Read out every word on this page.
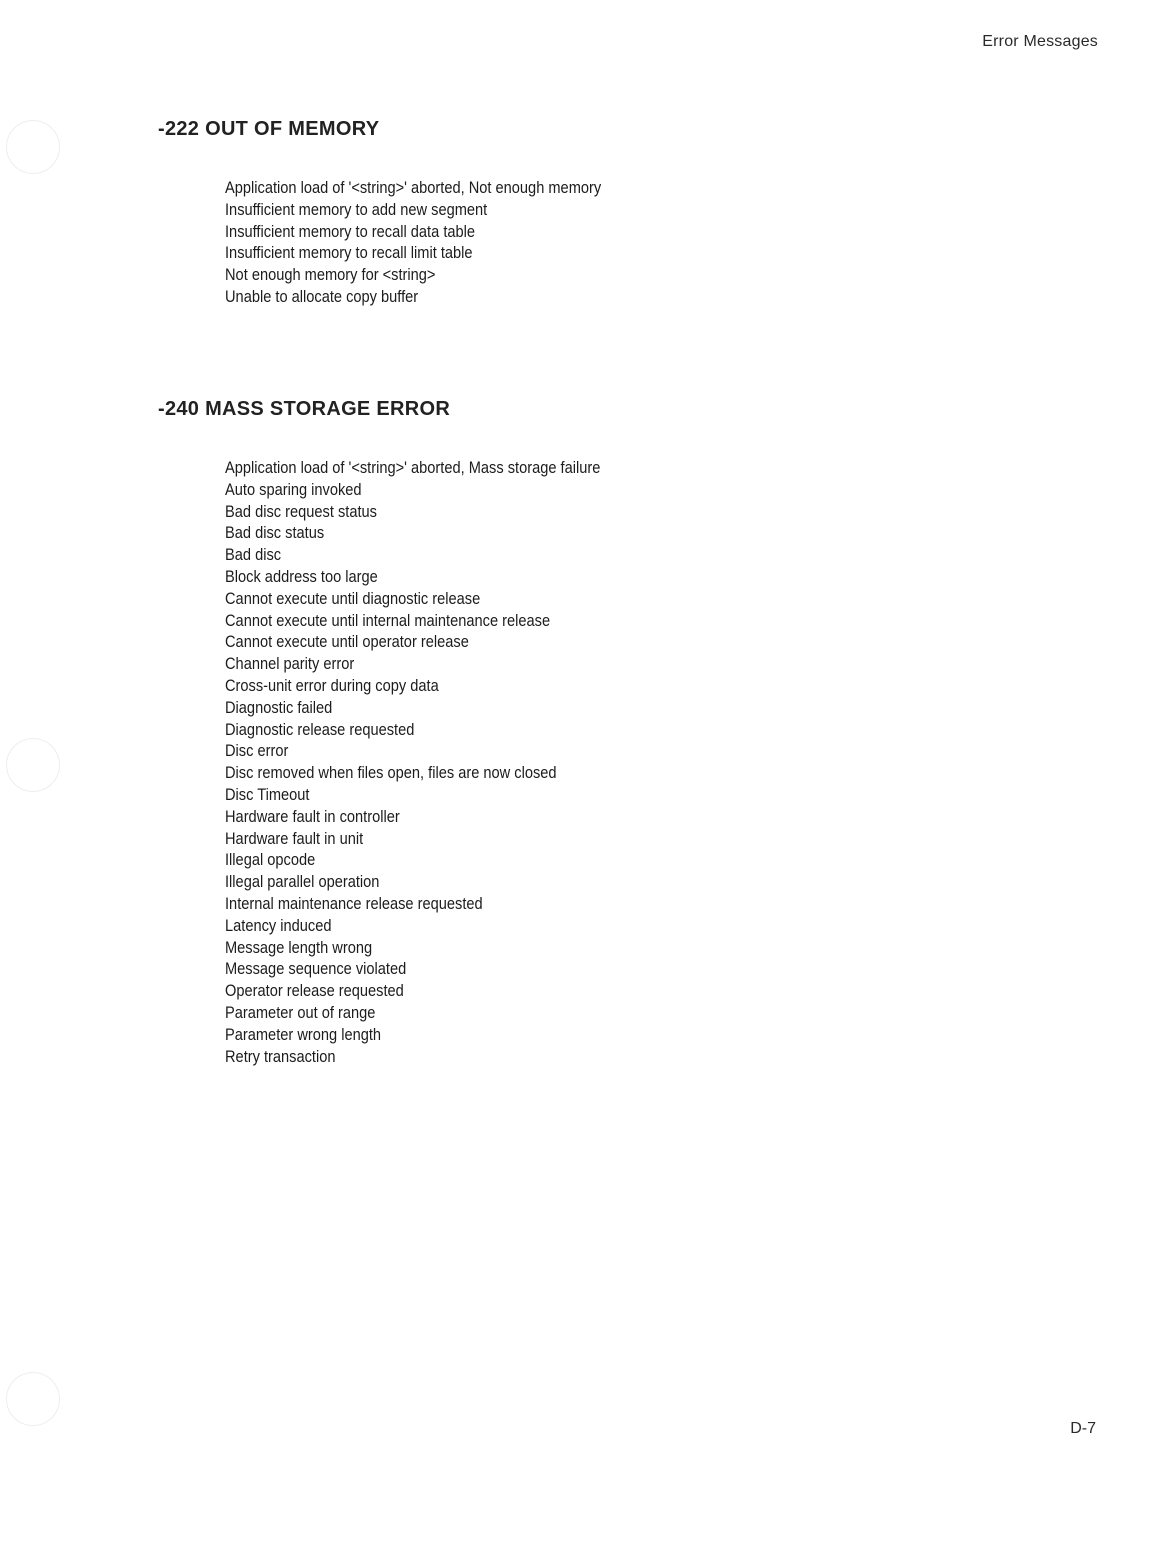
Error Messages
-222 OUT OF MEMORY
Application load of '<string>' aborted, Not enough memory
Insufficient memory to add new segment
Insufficient memory to recall data table
Insufficient memory to recall limit table
Not enough memory for <string>
Unable to allocate copy buffer
-240 MASS STORAGE ERROR
Application load of '<string>' aborted, Mass storage failure
Auto sparing invoked
Bad disc request status
Bad disc status
Bad disc
Block address too large
Cannot execute until diagnostic release
Cannot execute until internal maintenance release
Cannot execute until operator release
Channel parity error
Cross-unit error during copy data
Diagnostic failed
Diagnostic release requested
Disc error
Disc removed when files open, files are now closed
Disc Timeout
Hardware fault in controller
Hardware fault in unit
Illegal opcode
Illegal parallel operation
Internal maintenance release requested
Latency induced
Message length wrong
Message sequence violated
Operator release requested
Parameter out of range
Parameter wrong length
Retry transaction
D-7
